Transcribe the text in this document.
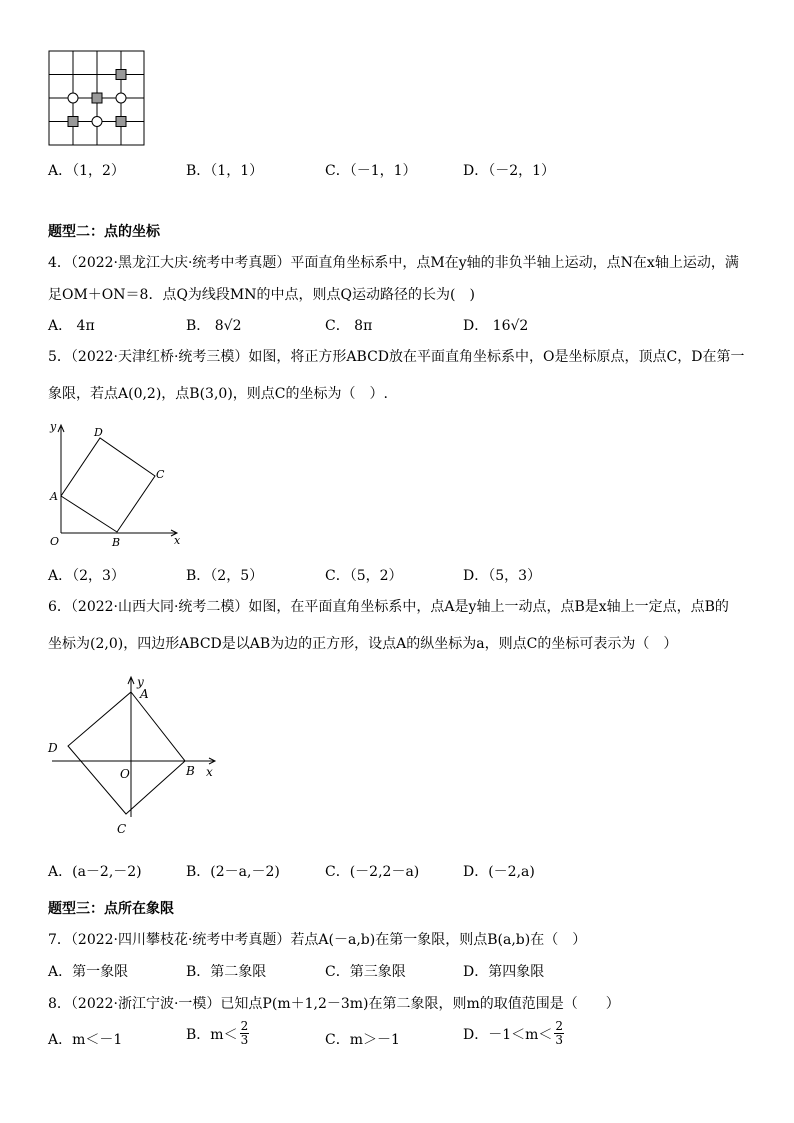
A．（1，2）	B．（1，1）	C．（－1，1）	D．（－2，1）
题型二：点的坐标
4．（2022·黑龙江大庆·统考中考真题）平面直角坐标系中，点M在y轴的非负半轴上运动，点N在x轴上运动，满
足OM＋ON＝8．点Q为线段MN的中点，则点Q运动路径的长为(　)
A． 4π	B． 8√2	C． 8π	D． 16√2
5．（2022·天津红桥·统考三模）如图，将正方形ABCD放在平面直角坐标系中，O是坐标原点，顶点C，D在第一
象限，若点A(0,2)，点B(3,0)，则点C的坐标为（　）.
y
x
O
A
B
C
D
A．（2，3）	B．（2，5）	C．（5，2）	D．（5，3）
6．（2022·山西大同·统考二模）如图，在平面直角坐标系中，点A是y轴上一动点，点B是x轴上一定点，点B的
坐标为(2,0)，四边形ABCD是以AB为边的正方形，设点A的纵坐标为a，则点C的坐标可表示为（　）
y
A
D
O	B x
C
A．(a－2,－2)	B．(2－a,－2)	C．(－2,2－a)	D．(－2,a)
题型三：点所在象限
7．（2022·四川攀枝花·统考中考真题）若点A(－a,b)在第一象限，则点B(a,b)在（　）
A．第一象限	B．第二象限	C．第三象限	D．第四象限
8．（2022·浙江宁波·一模）已知点P(m＋1,2－3m)在第二象限，则m的取值范围是（　　）
A．m＜－1	B．$m< \frac{2}{3}$	C．m＞－1	D．$-1<m< \frac{2}{3}$
